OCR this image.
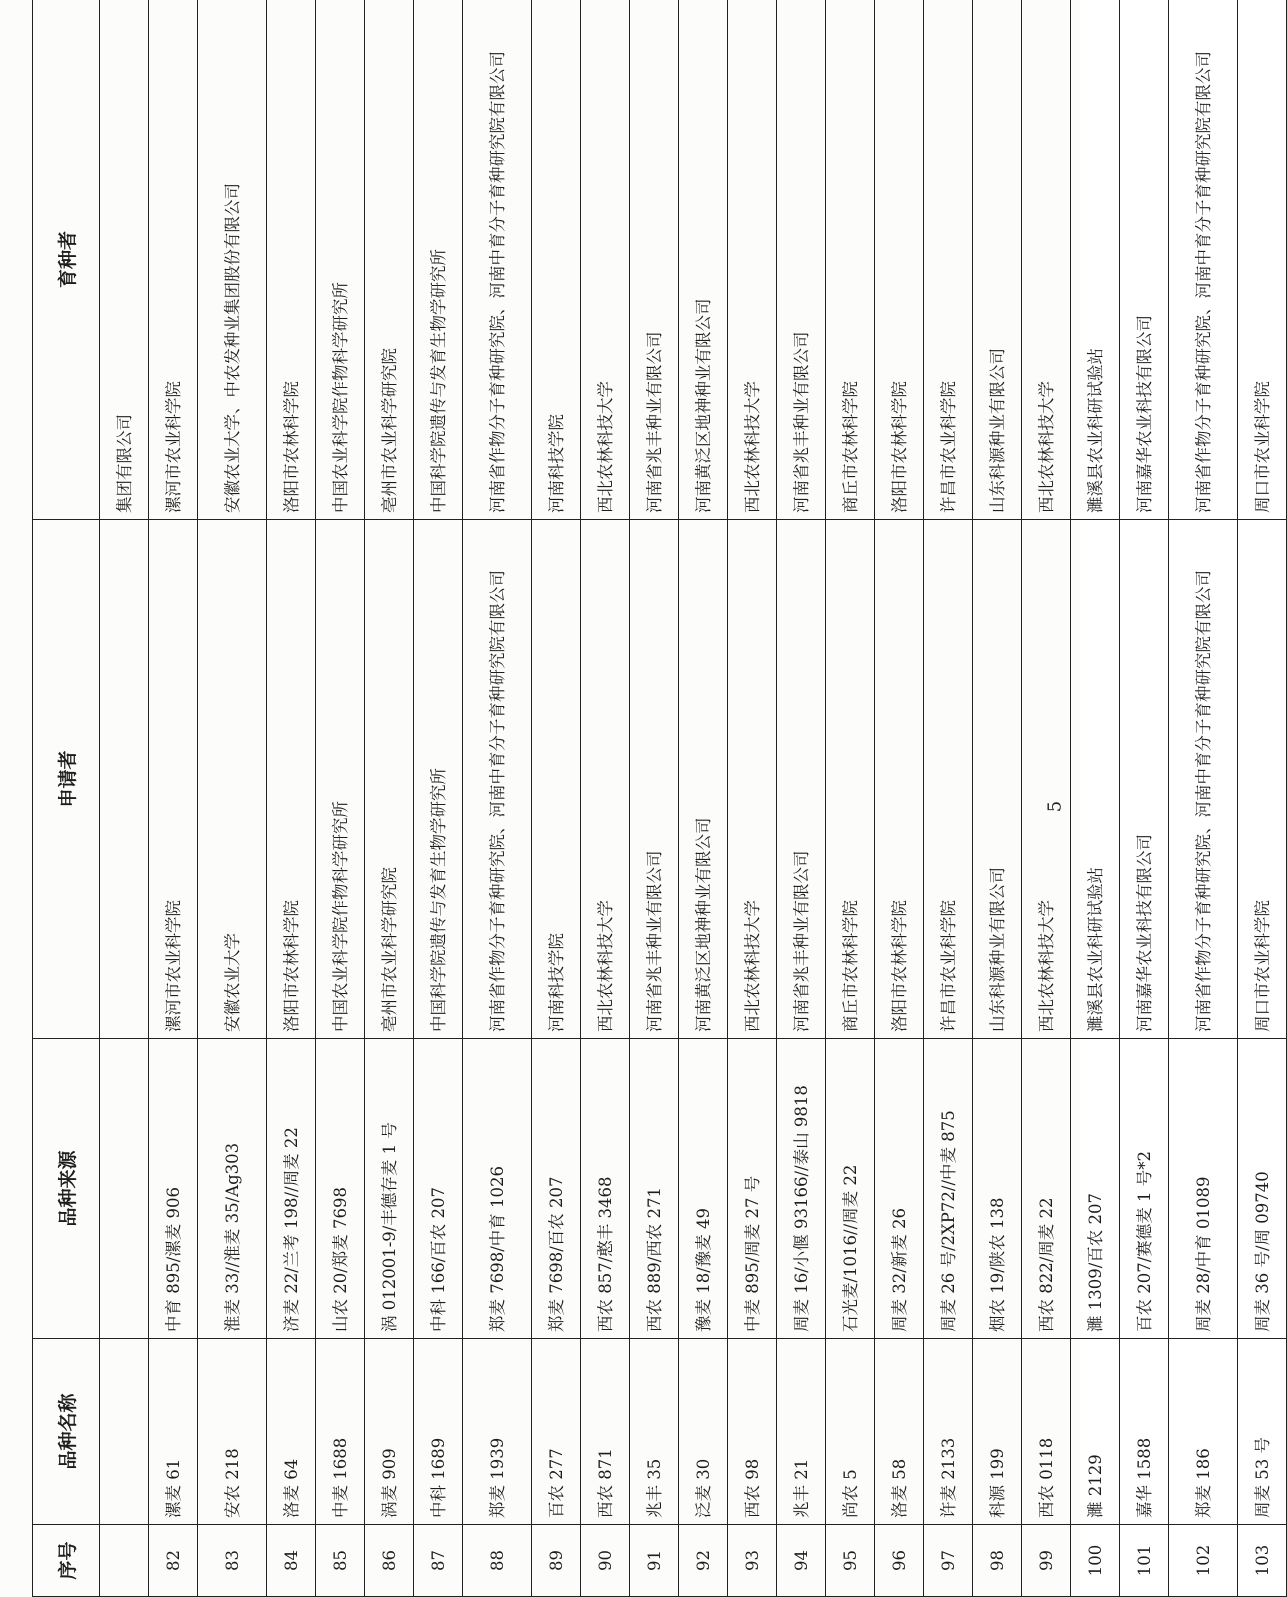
序号	品种名称	品种来源	申请者	育种者
				集团有限公司
82	漯麦 61	中育 895/漯麦 906	漯河市农业科学院	漯河市农业科学院
83	安农 218	淮麦 33//淮麦 35/Ag303	安徽农业大学	安徽农业大学、中农发种业集团股份有限公司
84	洛麦 64	济麦 22/兰考 198//周麦 22	洛阳市农林科学院	洛阳市农林科学院
85	中麦 1688	山农 20/郑麦 7698	中国农业科学院作物科学研究所	中国农业科学院作物科学研究所
86	涡麦 909	涡 012001-9/丰德存麦 1 号	亳州市农业科学研究院	亳州市农业科学研究院
87	中科 1689	中科 166/百农 207	中国科学院遗传与发育生物学研究所	中国科学院遗传与发育生物学研究所
88	郑麦 1939	郑麦 7698/中育 1026	河南省作物分子育种研究院、河南中育分子育种研究院有限公司	河南省作物分子育种研究院、河南中育分子育种研究院有限公司
89	百农 277	郑麦 7698/百农 207	河南科技学院	河南科技学院
90	西农 871	西农 857/憨丰 3468	西北农林科技大学	西北农林科技大学
91	兆丰 35	西农 889/西农 271	河南省兆丰种业有限公司	河南省兆丰种业有限公司
92	泛麦 30	豫麦 18/豫麦 49	河南黄泛区地神种业有限公司	河南黄泛区地神种业有限公司
93	西农 98	中麦 895/周麦 27 号	西北农林科技大学	西北农林科技大学
94	兆丰 21	周麦 16/小偃 93166//泰山 9818	河南省兆丰种业有限公司	河南省兆丰种业有限公司
95	尚农 5	石光麦/1016//周麦 22	商丘市农林科学院	商丘市农林科学院
96	洛麦 58	周麦 32/新麦 26	洛阳市农林科学院	洛阳市农林科学院
97	许麦 2133	周麦 26 号/2XP72//中麦 875	许昌市农业科学院	许昌市农业科学院
98	科源 199	烟农 19/陕农 138	山东科源种业有限公司	山东科源种业有限公司
99	西农 0118	西农 822/周麦 22	西北农林科技大学	西北农林科技大学
100	濉 2129	濉 1309/百农 207	濉溪县农业科研试验站	濉溪县农业科研试验站
101	嘉华 1588	百农 207/赛德麦 1 号*2	河南嘉华农业科技有限公司	河南嘉华农业科技有限公司
102	郑麦 186	周麦 28/中育 01089	河南省作物分子育种研究院、河南中育分子育种研究院有限公司	河南省作物分子育种研究院、河南中育分子育种研究院有限公司
103	周麦 53 号	周麦 36 号/周 09740	周口市农业科学院	周口市农业科学院
5
